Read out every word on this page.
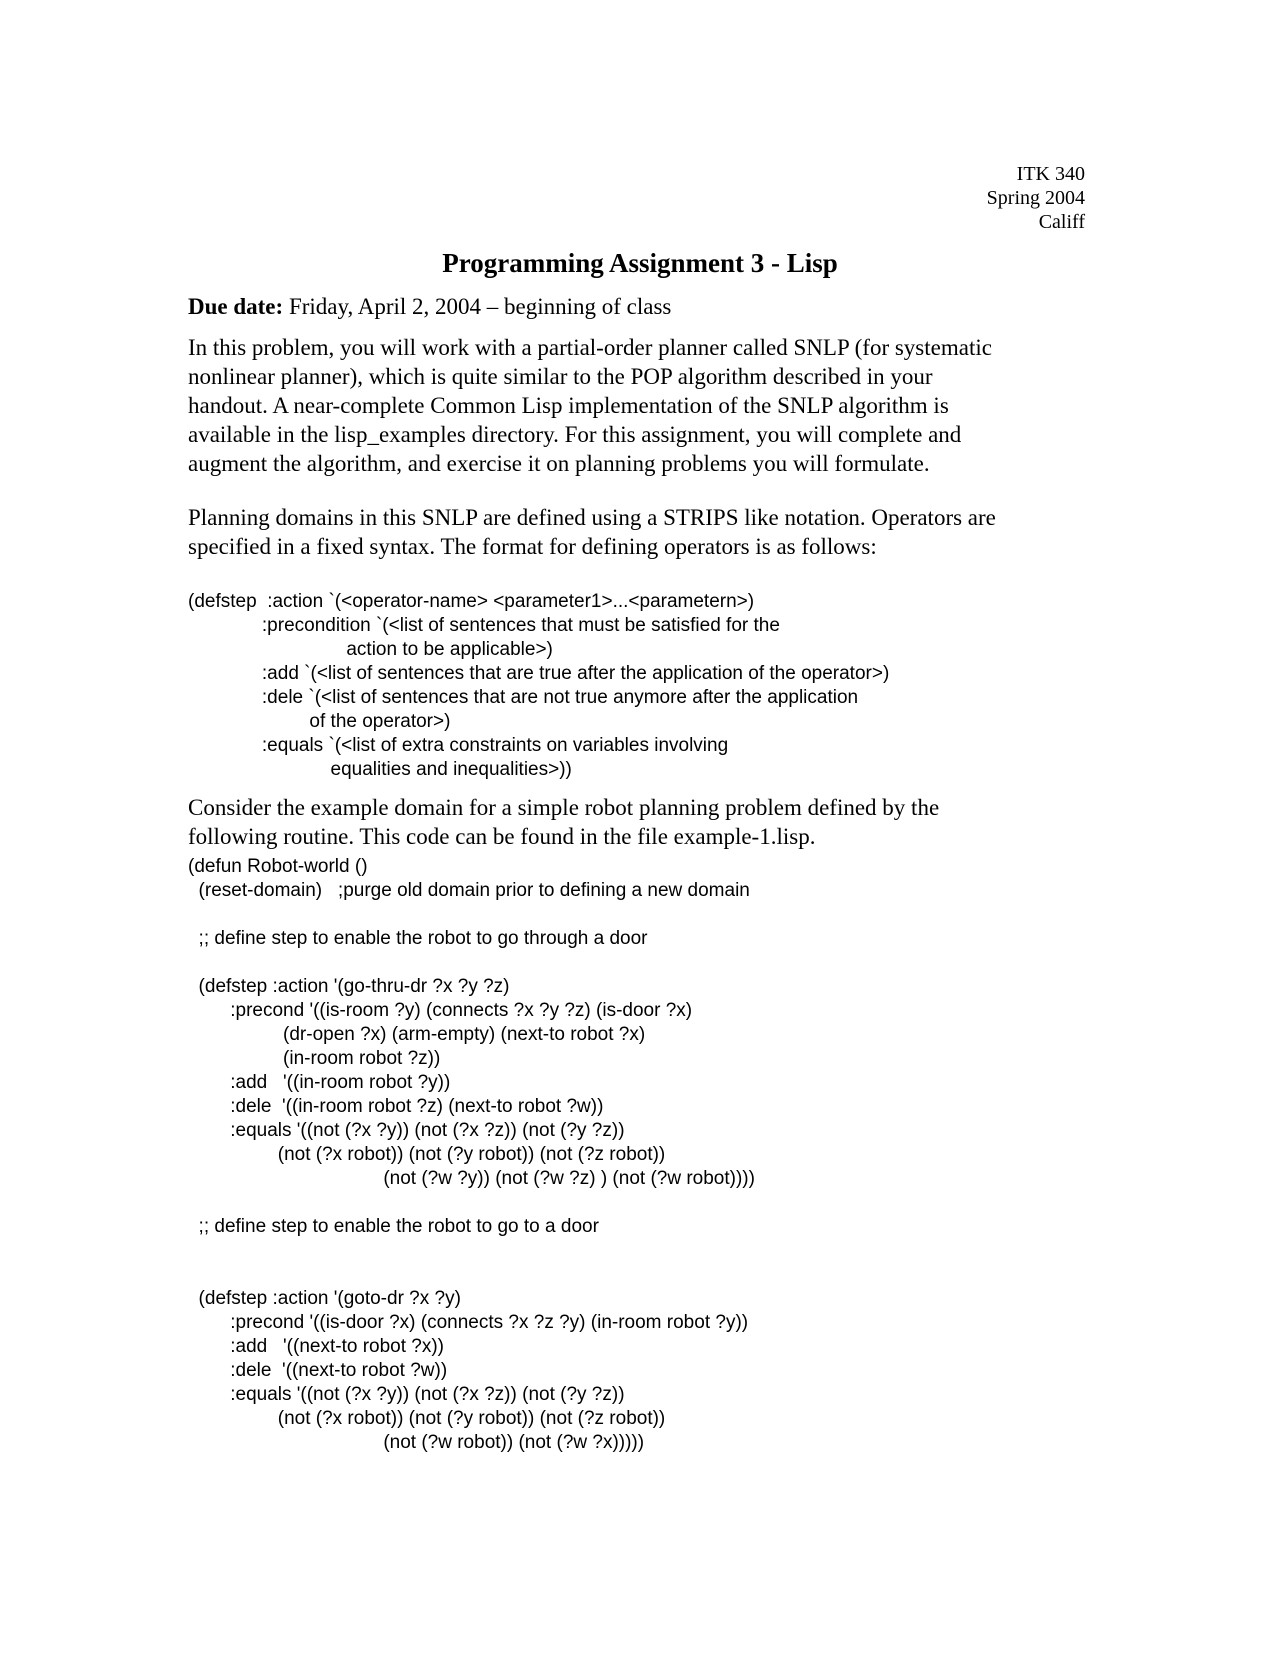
ITK 340
Spring 2004
Califf
Programming Assignment 3 - Lisp
Due date: Friday, April 2, 2004 – beginning of class
In this problem, you will work with a partial-order planner called SNLP (for systematic
nonlinear planner), which is quite similar to the POP algorithm described in your
handout. A near-complete Common Lisp implementation of the SNLP algorithm is
available in the lisp_examples directory. For this assignment, you will complete and
augment the algorithm, and exercise it on planning problems you will formulate.
Planning domains in this SNLP are defined using a STRIPS like notation. Operators are
specified in a fixed syntax. The format for defining operators is as follows:
(defstep  :action `(<operator-name> <parameter1>...<parametern>)
:precondition `(<list of sentences that must be satisfied for the
action to be applicable>)
:add `(<list of sentences that are true after the application of the operator>)
:dele `(<list of sentences that are not true anymore after the application
of the operator>)
:equals `(<list of extra constraints on variables involving
equalities and inequalities>))
Consider the example domain for a simple robot planning problem defined by the
following routine. This code can be found in the file example-1.lisp.
(defun Robot-world ()
(reset-domain)   ;purge old domain prior to defining a new domain

;; define step to enable the robot to go through a door

(defstep :action '(go-thru-dr ?x ?y ?z)
:precond '((is-room ?y) (connects ?x ?y ?z) (is-door ?x)
(dr-open ?x) (arm-empty) (next-to robot ?x)
(in-room robot ?z))
:add   '((in-room robot ?y))
:dele  '((in-room robot ?z) (next-to robot ?w))
:equals '((not (?x ?y)) (not (?x ?z)) (not (?y ?z))
(not (?x robot)) (not (?y robot)) (not (?z robot))
(not (?w ?y)) (not (?w ?z) ) (not (?w robot))))

;; define step to enable the robot to go to a door

(defstep :action '(goto-dr ?x ?y)
:precond '((is-door ?x) (connects ?x ?z ?y) (in-room robot ?y))
:add   '((next-to robot ?x))
:dele  '((next-to robot ?w))
:equals '((not (?x ?y)) (not (?x ?z)) (not (?y ?z))
(not (?x robot)) (not (?y robot)) (not (?z robot))
(not (?w robot)) (not (?w ?x)))))
